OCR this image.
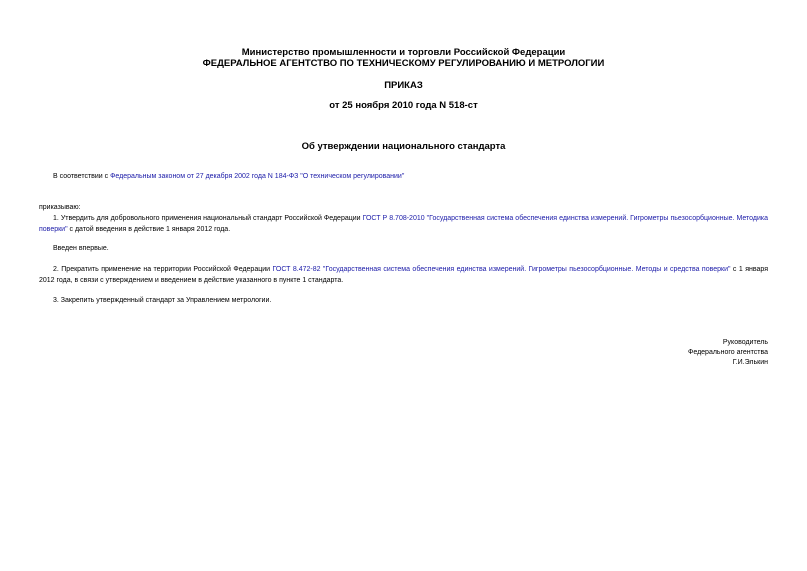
Министерство промышленности и торговли Российской Федерации
ФЕДЕРАЛЬНОЕ АГЕНТСТВО ПО ТЕХНИЧЕСКОМУ РЕГУЛИРОВАНИЮ И МЕТРОЛОГИИ
ПРИКАЗ
от 25 ноября 2010 года N 518-ст
Об утверждении национального стандарта
В соответствии с Федеральным законом от 27 декабря 2002 года N 184-ФЗ "О техническом регулировании"
приказываю:
1. Утвердить для добровольного применения национальный стандарт Российской Федерации ГОСТ Р 8.708-2010 "Государственная система обеспечения единства измерений. Гигрометры пьезосорбционные. Методика поверки" с датой введения в действие 1 января 2012 года.
Введен впервые.
2. Прекратить применение на территории Российской Федерации ГОСТ 8.472-82 "Государственная система обеспечения единства измерений. Гигрометры пьезосорбционные. Методы и средства поверки" с 1 января 2012 года, в связи с утверждением и введением в действие указанного в пункте 1 стандарта.
3. Закрепить утвержденный стандарт за Управлением метрологии.
Руководитель
Федерального агентства
Г.И.Элькин
